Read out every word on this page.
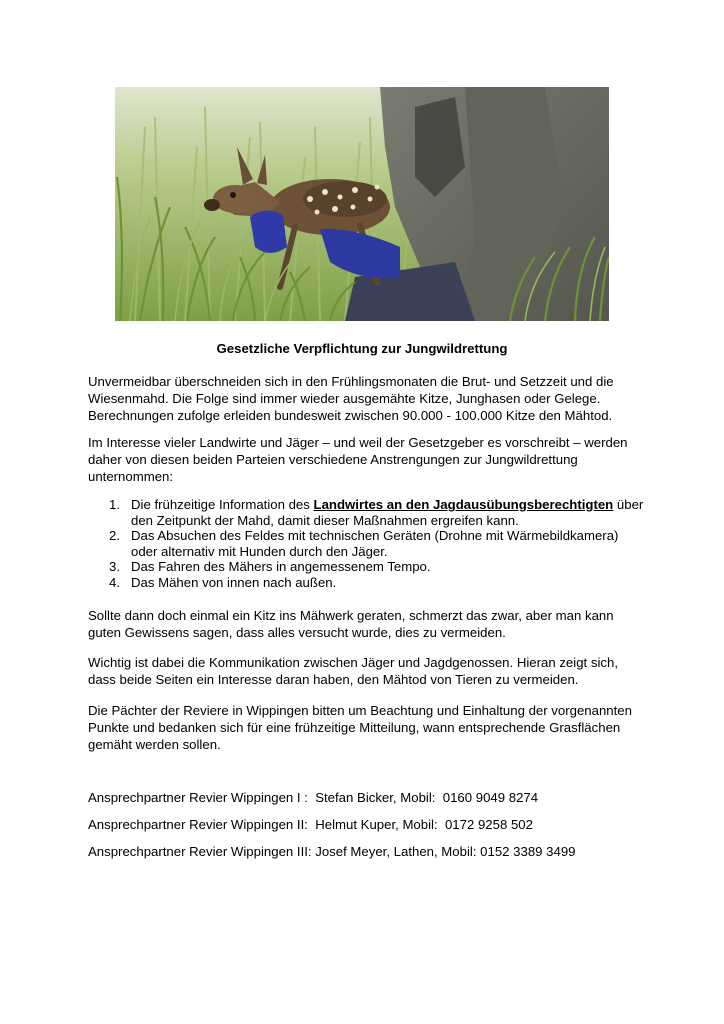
Gesetzliche Verpflichtung zur Jungwildrettung

Unvermeidbar überschneiden sich in den Frühlingsmonaten die Brut- und Setzzeit und die Wiesenmahd. Die Folge sind immer wieder ausgemähte Kitze, Junghasen oder Gelege. Berechnungen zufolge erleiden bundesweit zwischen 90.000 - 100.000 Kitze den Mähtod.

Im Interesse vieler Landwirte und Jäger – und weil der Gesetzgeber es vorschreibt – werden daher von diesen beiden Parteien verschiedene Anstrengungen zur Jungwildrettung unternommen:

1. Die frühzeitige Information des Landwirtes an den Jagdausübungsberechtigten über den Zeitpunkt der Mahd, damit dieser Maßnahmen ergreifen kann.
2. Das Absuchen des Feldes mit technischen Geräten (Drohne mit Wärmebildkamera) oder alternativ mit Hunden durch den Jäger.
3. Das Fahren des Mähers in angemessenem Tempo.
4. Das Mähen von innen nach außen.

Sollte dann doch einmal ein Kitz ins Mähwerk geraten, schmerzt das zwar, aber man kann guten Gewissens sagen, dass alles versucht wurde, dies zu vermeiden.

Wichtig ist dabei die Kommunikation zwischen Jäger und Jagdgenossen. Hieran zeigt sich, dass beide Seiten ein Interesse daran haben, den Mähtod von Tieren zu vermeiden.

Die Pächter der Reviere in Wippingen bitten um Beachtung und Einhaltung der vorgenannten Punkte und bedanken sich für eine frühzeitige Mitteilung, wann entsprechende Grasflächen gemäht werden sollen.

Ansprechpartner Revier Wippingen I :  Stefan Bicker, Mobil:  0160 9049 8274
Ansprechpartner Revier Wippingen II:  Helmut Kuper, Mobil:  0172 9258 502
Ansprechpartner Revier Wippingen III: Josef Meyer, Lathen, Mobil: 0152 3389 3499
